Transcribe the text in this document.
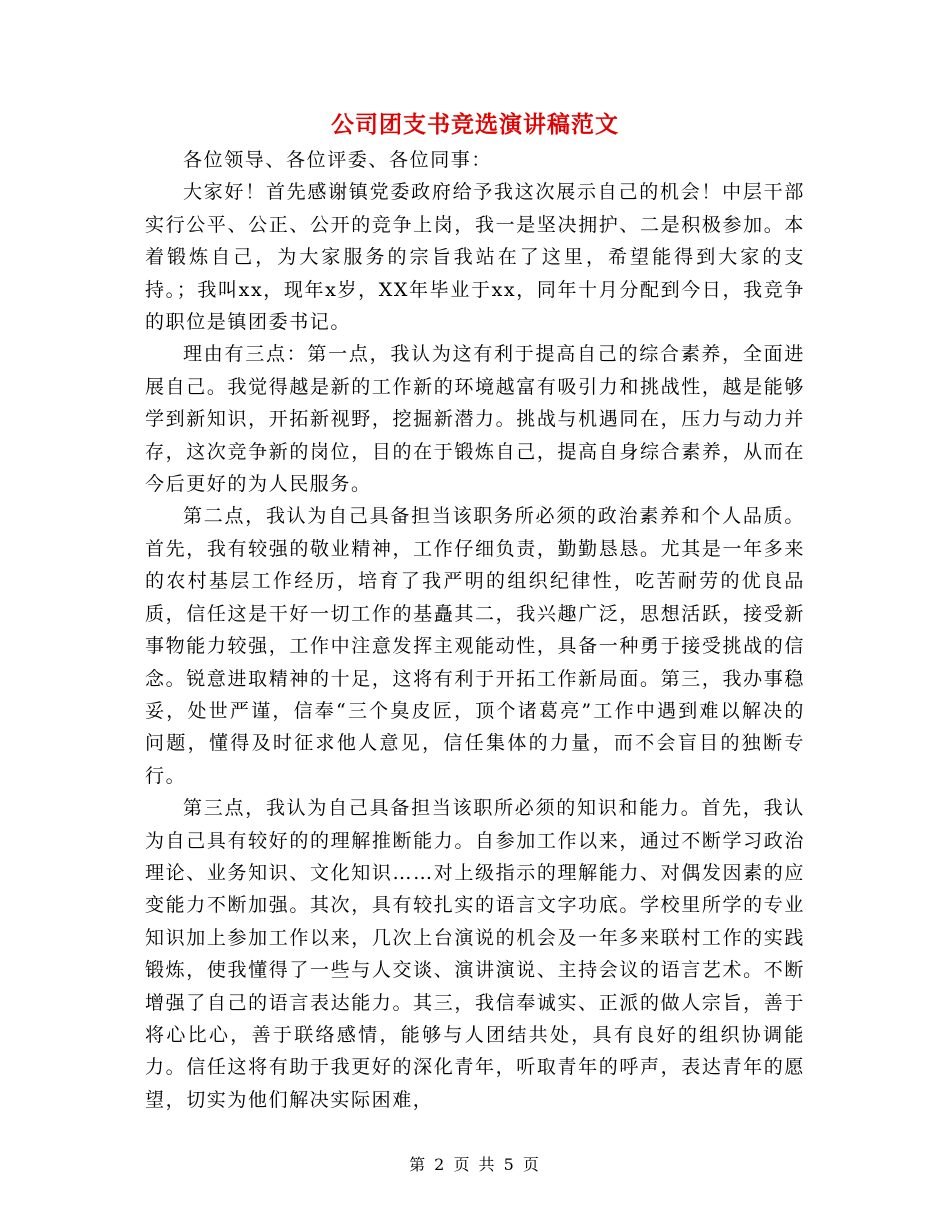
公司团支书竞选演讲稿范文

各位领导、各位评委、各位同事：

大家好！首先感谢镇党委政府给予我这次展示自己的机会！中层干部实行公平、公正、公开的竞争上岗，我一是坚决拥护、二是积极参加。本着锻炼自己，为大家服务的宗旨我站在了这里，希望能得到大家的支持。；我叫xx，现年x岁，XX年毕业于xx，同年十月分配到今日，我竞争的职位是镇团委书记。

理由有三点：第一点，我认为这有利于提高自己的综合素养，全面进展自己。我觉得越是新的工作新的环境越富有吸引力和挑战性，越是能够学到新知识，开拓新视野，挖掘新潜力。挑战与机遇同在，压力与动力并存，这次竞争新的岗位，目的在于锻炼自己，提高自身综合素养，从而在今后更好的为人民服务。

第二点，我认为自己具备担当该职务所必须的政治素养和个人品质。首先，我有较强的敬业精神，工作仔细负责，勤勤恳恳。尤其是一年多来的农村基层工作经历，培育了我严明的组织纪律性，吃苦耐劳的优良品质，信任这是干好一切工作的基矗其二，我兴趣广泛，思想活跃，接受新事物能力较强，工作中注意发挥主观能动性，具备一种勇于接受挑战的信念。锐意进取精神的十足，这将有利于开拓工作新局面。第三，我办事稳妥，处世严谨，信奉“三个臭皮匠，顶个诸葛亮”工作中遇到难以解决的问题，懂得及时征求他人意见，信任集体的力量，而不会盲目的独断专行。

第三点，我认为自己具备担当该职所必须的知识和能力。首先，我认为自己具有较好的的理解推断能力。自参加工作以来，通过不断学习政治理论、业务知识、文化知识……对上级指示的理解能力、对偶发因素的应变能力不断加强。其次，具有较扎实的语言文字功底。学校里所学的专业知识加上参加工作以来，几次上台演说的机会及一年多来联村工作的实践锻炼，使我懂得了一些与人交谈、演讲演说、主持会议的语言艺术。不断增强了自己的语言表达能力。其三，我信奉诚实、正派的做人宗旨，善于将心比心，善于联络感情，能够与人团结共处，具有良好的组织协调能力。信任这将有助于我更好的深化青年，听取青年的呼声，表达青年的愿望，切实为他们解决实际困难，

第 2 页 共 5 页
